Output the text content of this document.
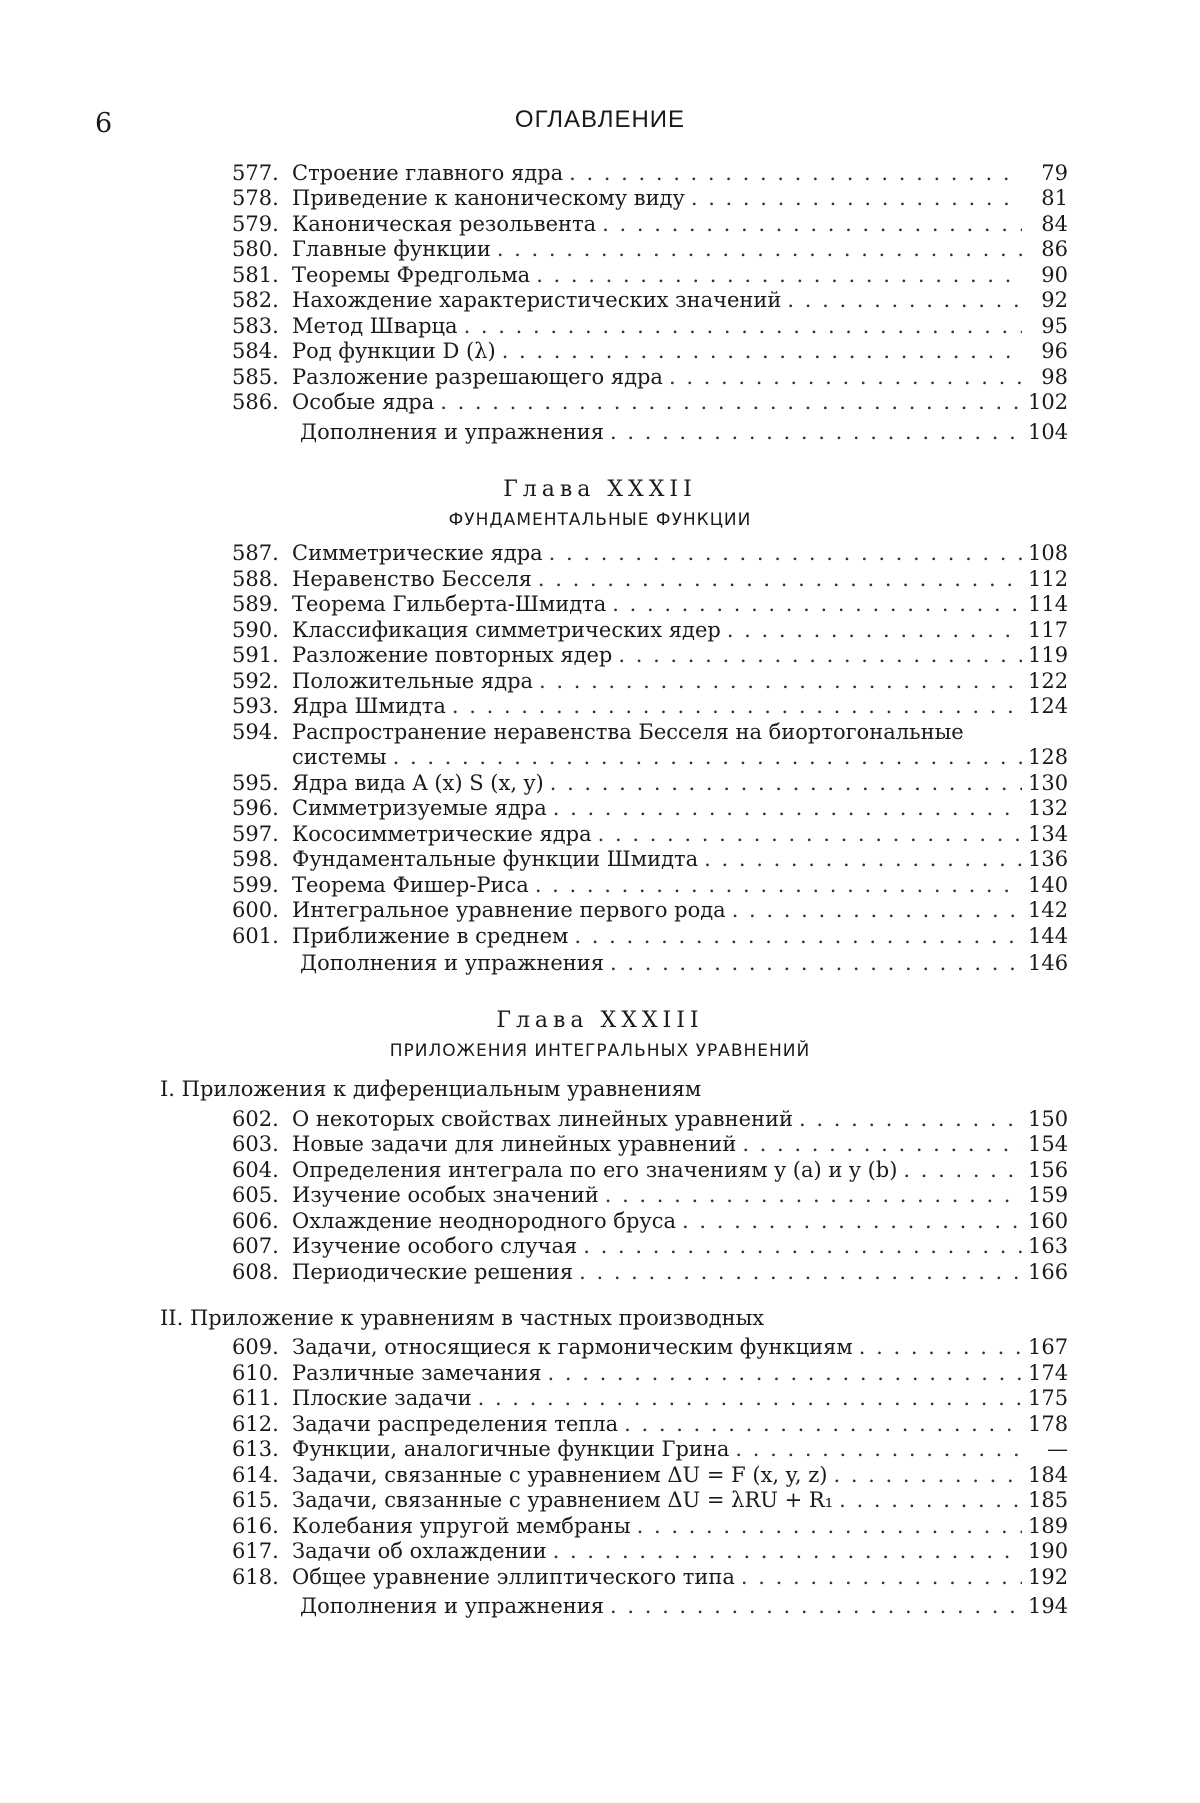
6	ОГЛАВЛЕНИЕ
577. Строение главного ядра . . .	79
578. Приведение к каноническому виду . . .	81
579. Каноническая резольвента . . .	84
580. Главные функции . . .	86
581. Теоремы Фредгольма . . .	90
582. Нахождение характеристических значений . . .	92
583. Метод Шварца . . .	95
584. Род функции D (λ) . . .	96
585. Разложение разрешающего ядра . . .	98
586. Особые ядра . . .	102
Дополнения и упражнения . . .	104
Глава XXXII
ФУНДАМЕНТАЛЬНЫЕ ФУНКЦИИ
587. Симметрические ядра . . .	108
588. Неравенство Бесселя . . .	112
589. Теорема Гильберта-Шмидта . . .	114
590. Классификация симметрических ядер . . .	117
591. Разложение повторных ядер . . .	119
592. Положительные ядра . . .	122
593. Ядра Шмидта . . .	124
594. Распространение неравенства Бесселя на биортогональные
системы . . .	128
595. Ядра вида A (x) S (x, y) . . .	130
596. Симметризуемые ядра . . .	132
597. Кососимметрические ядра . . .	134
598. Фундаментальные функции Шмидта . . .	136
599. Теорема Фишер-Риса . . .	140
600. Интегральное уравнение первого рода . . .	142
601. Приближение в среднем . . .	144
Дополнения и упражнения . . .	146
Глава XXXIII
ПРИЛОЖЕНИЯ ИНТЕГРАЛЬНЫХ УРАВНЕНИЙ
I. Приложения к диференциальным уравнениям
602. О некоторых свойствах линейных уравнений . . .	150
603. Новые задачи для линейных уравнений . . .	154
604. Определения интеграла по его значениям y (a) и y (b) . . .	156
605. Изучение особых значений . . .	159
606. Охлаждение неоднородного бруса . . .	160
607. Изучение особого случая . . .	163
608. Периодические решения . . .	166
II. Приложение к уравнениям в частных производных
609. Задачи, относящиеся к гармоническим функциям . . .	167
610. Различные замечания . . .	174
611. Плоские задачи . . .	175
612. Задачи распределения тепла . . .	178
613. Функции, аналогичные функции Грина . . .	—
614. Задачи, связанные с уравнением ΔU = F (x, y, z) . . .	184
615. Задачи, связанные с уравнением ΔU = λRU + R₁ . . .	185
616. Колебания упругой мембраны . . .	189
617. Задачи об охлаждении . . .	190
618. Общее уравнение эллиптического типа . . .	192
Дополнения и упражнения . . .	194
